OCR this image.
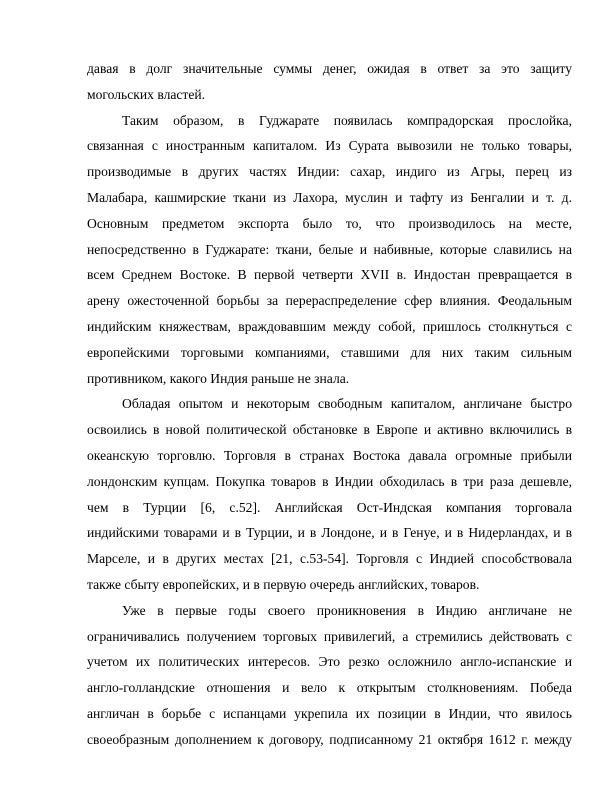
давая в долг значительные суммы денег, ожидая в ответ за это защиту
могольских властей.
Таким образом, в Гуджарате появилась компрадорская прослойка,
связанная с иностранным капиталом. Из Сурата вывозили не только товары,
производимые в других частях Индии: сахар, индиго из Агры, перец из
Малабара, кашмирские ткани из Лахора, муслин и тафту из Бенгалии и т. д.
Основным предметом экспорта было то, что производилось на месте,
непосредственно в Гуджарате: ткани, белые и набивные, которые славились на
всем Среднем Востоке. В первой четверти XVII в. Индостан превращается в
арену ожесточенной борьбы за перераспределение сфер влияния. Феодальным
индийским княжествам, враждовавшим между собой, пришлось столкнуться с
европейскими торговыми компаниями, ставшими для них таким сильным
противником, какого Индия раньше не знала.
Обладая опытом и некоторым свободным капиталом, англичане быстро
освоились в новой политической обстановке в Европе и активно включились в
океанскую торговлю. Торговля в странах Востока давала огромные прибыли
лондонским купцам. Покупка товаров в Индии обходилась в три раза дешевле,
чем в Турции [6, с.52]. Английская Ост-Индская компания торговала
индийскими товарами и в Турции, и в Лондоне, и в Генуе, и в Нидерландах, и в
Марселе, и в других местах [21, с.53-54]. Торговля с Индией способствовала
также сбыту европейских, и в первую очередь английских, товаров.
Уже в первые годы своего проникновения в Индию англичане не
ограничивались получением торговых привилегий, а стремились действовать с
учетом их политических интересов. Это резко осложнило англо-испанские и
англо-голландские отношения и вело к открытым столкновениям. Победа
англичан в борьбе с испанцами укрепила их позиции в Индии, что явилось
своеобразным дополнением к договору, подписанному 21 октября 1612 г. между
